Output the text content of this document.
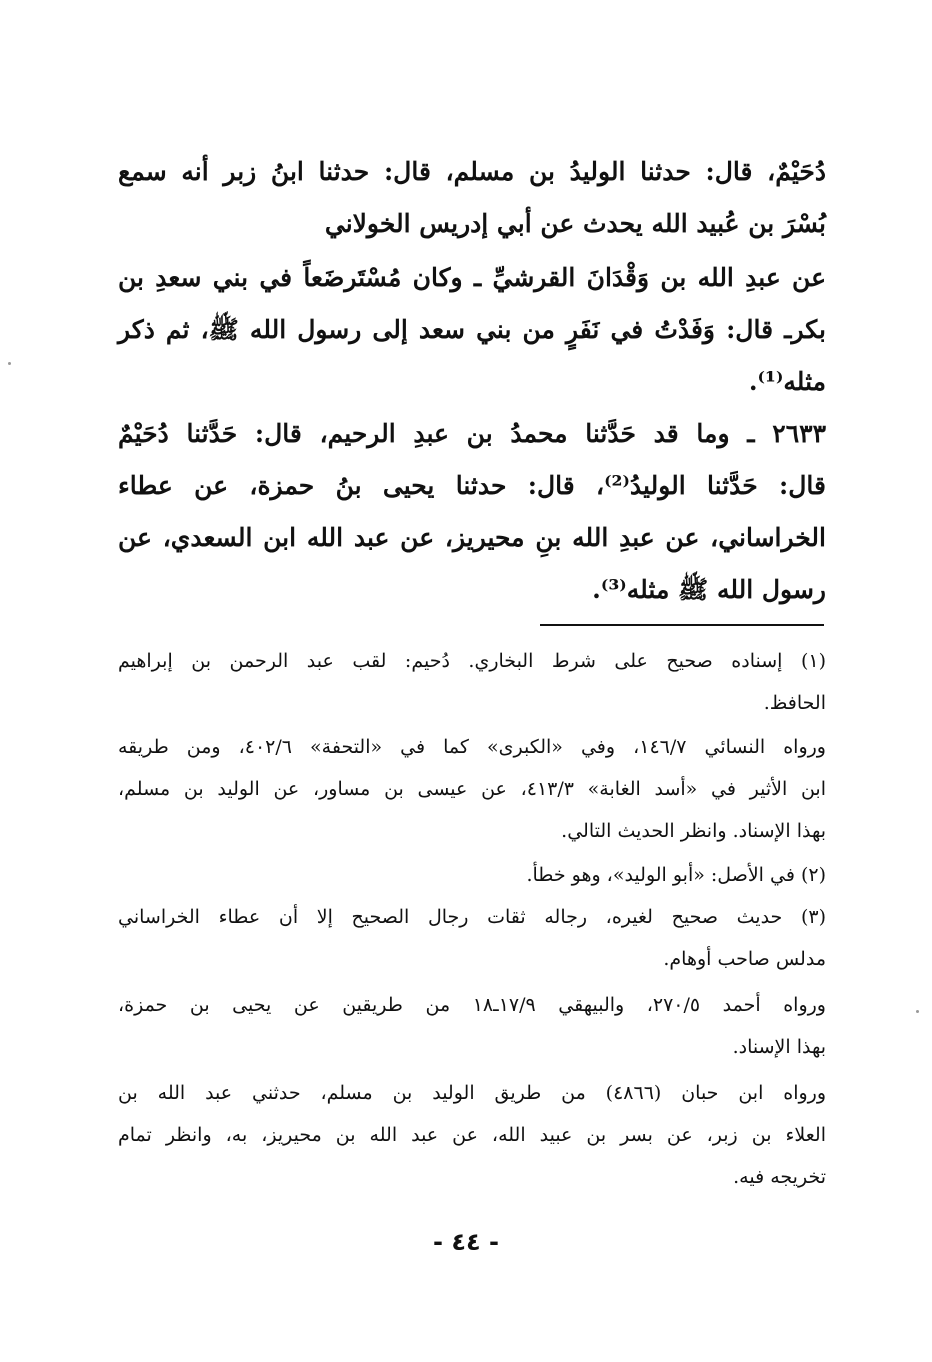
دُحَيْمٌ، قال: حدثنا الوليدُ بن مسلم، قال: حدثنا ابنُ زبر أنه سمع
بُسْرَ بن عُبيد الله يحدث عن أبي إدريس الخولاني

عن عبدِ الله بن وَقْدَانَ القرشيِّ ـ وكان مُسْتَرضَعاً في بني سعدِ بن
بكرـ قال: وَفَدْتُ في نَفَرٍ من بني سعد إلى رسول الله ﷺ، ثم ذكر
مثله⁽¹⁾.

٢٦٣٣ ـ وما قد حَدَّثنا محمدُ بن عبدِ الرحيم، قال: حَدَّثنا دُحَيْمٌ
قال: حَدَّثنا الوليدُ⁽²⁾، قال: حدثنا يحيى بنُ حمزة، عن عطاء
الخراساني، عن عبدِ الله بنِ محيريز، عن عبد الله ابن السعدي، عن
رسول الله ﷺ مثله⁽³⁾.

(١) إسناده صحيح على شرط البخاري. دُحيم: لقب عبد الرحمن بن إبراهيم
الحافظ.

ورواه النسائي ١٤٦/٧، وفي «الكبرى» كما في «التحفة» ٤٠٢/٦، ومن طريقه
ابن الأثير في «أسد الغابة» ٤١٣/٣، عن عيسى بن مساور، عن الوليد بن مسلم،
بهذا الإسناد. وانظر الحديث التالي.

(٢) في الأصل: «أبو الوليد»، وهو خطأ.

(٣) حديث صحيح لغيره، رجاله ثقات رجال الصحيح إلا أن عطاء الخراساني
مدلس صاحب أوهام.

ورواه أحمد ٢٧٠/٥، والبيهقي ١٧/٩ـ١٨ من طريقين عن يحيى بن حمزة،
بهذا الإسناد.

ورواه ابن حبان (٤٨٦٦) من طريق الوليد بن مسلم، حدثني عبد الله بن
العلاء بن زبر، عن بسر بن عبيد الله، عن عبد الله بن محيريز، به، وانظر تمام
تخريجه فيه.

- ٤٤ -
